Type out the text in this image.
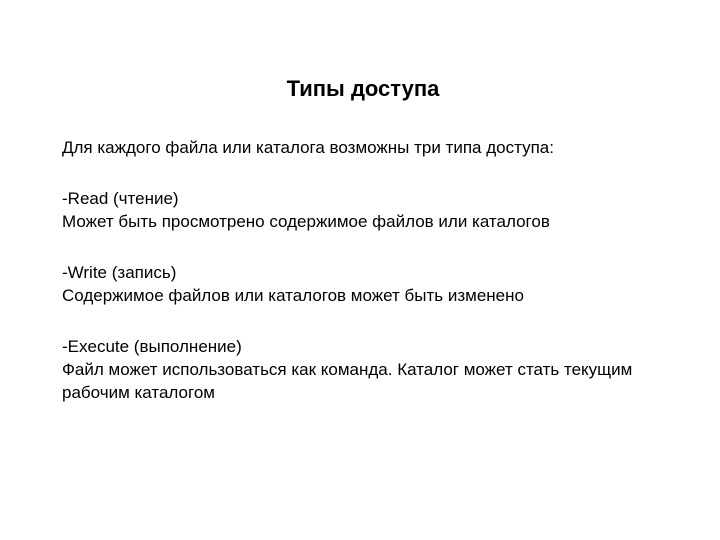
Типы доступа

Для каждого файла или каталога возможны три типа доступа:

-Read (чтение)

Может быть просмотрено содержимое файлов или каталогов

-Write (запись)

Содержимое файлов или каталогов может быть изменено

-Execute (выполнение)

Файл может использоваться как команда. Каталог может стать текущим рабочим каталогом
